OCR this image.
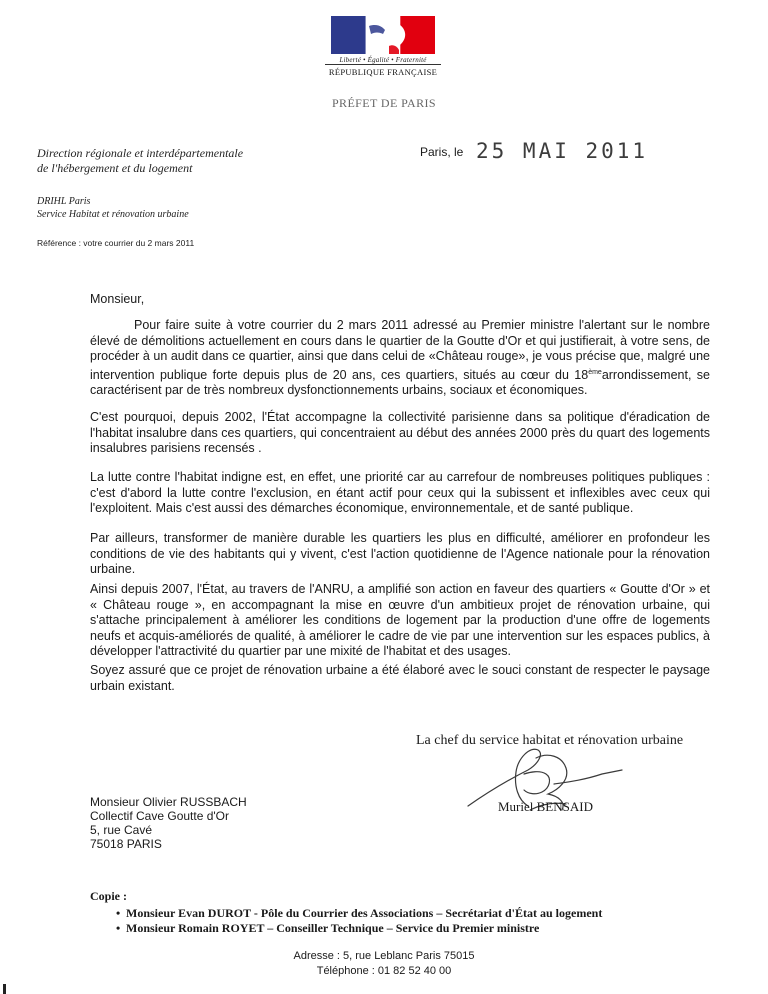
Liberté • Égalité • Fraternité
RÉPUBLIQUE FRANÇAISE
PRÉFET DE PARIS
Direction régionale et interdépartementale
de l'hébergement et du logement
DRIHL Paris
Service Habitat et rénovation urbaine
Référence : votre courrier du 2 mars 2011
Paris, le 25 MAI 2011
Monsieur,
Pour faire suite à votre courrier du 2 mars 2011 adressé au Premier ministre l'alertant sur le nombre élevé de démolitions actuellement en cours dans le quartier de la Goutte d'Or et qui justifierait, à votre sens, de procéder à un audit dans ce quartier, ainsi que dans celui de «Château rouge», je vous précise que, malgré une intervention publique forte depuis plus de 20 ans, ces quartiers, situés au cœur du 18èmearrondissement, se caractérisent par de très nombreux dysfonctionnements urbains, sociaux et économiques.
C'est pourquoi, depuis 2002, l'État accompagne la collectivité parisienne dans sa politique d'éradication de l'habitat insalubre dans ces quartiers, qui concentraient au début des années 2000 près du quart des logements insalubres parisiens recensés .
La lutte contre l'habitat indigne est, en effet, une priorité car au carrefour de nombreuses politiques publiques : c'est d'abord la lutte contre l'exclusion, en étant actif pour ceux qui la subissent et inflexibles avec ceux qui l'exploitent. Mais c'est aussi des démarches économique, environnementale, et de santé publique.
Par ailleurs, transformer de manière durable les quartiers les plus en difficulté, améliorer en profondeur les conditions de vie des habitants qui y vivent, c'est l'action quotidienne de l'Agence nationale pour la rénovation urbaine.
Ainsi depuis 2007, l'État, au travers de l'ANRU, a amplifié son action en faveur des quartiers « Goutte d'Or » et « Château rouge », en accompagnant la mise en œuvre d'un ambitieux projet de rénovation urbaine, qui s'attache principalement à améliorer les conditions de logement par la production d'une offre de logements neufs et acquis-améliorés de qualité, à améliorer le cadre de vie par une intervention sur les espaces publics, à développer l'attractivité du quartier par une mixité de l'habitat et des usages.
Soyez assuré que ce projet de rénovation urbaine a été élaboré avec le souci constant de respecter le paysage urbain existant.
La chef du service habitat et rénovation urbaine
Muriel BENSAID
Monsieur Olivier RUSSBACH
Collectif Cave Goutte d'Or
5, rue Cavé
75018 PARIS
Copie :
• Monsieur Evan DUROT - Pôle du Courrier des Associations – Secrétariat d'État au logement
• Monsieur Romain ROYET – Conseiller Technique – Service du Premier ministre
Adresse : 5, rue Leblanc Paris 75015
Téléphone : 01 82 52 40 00
